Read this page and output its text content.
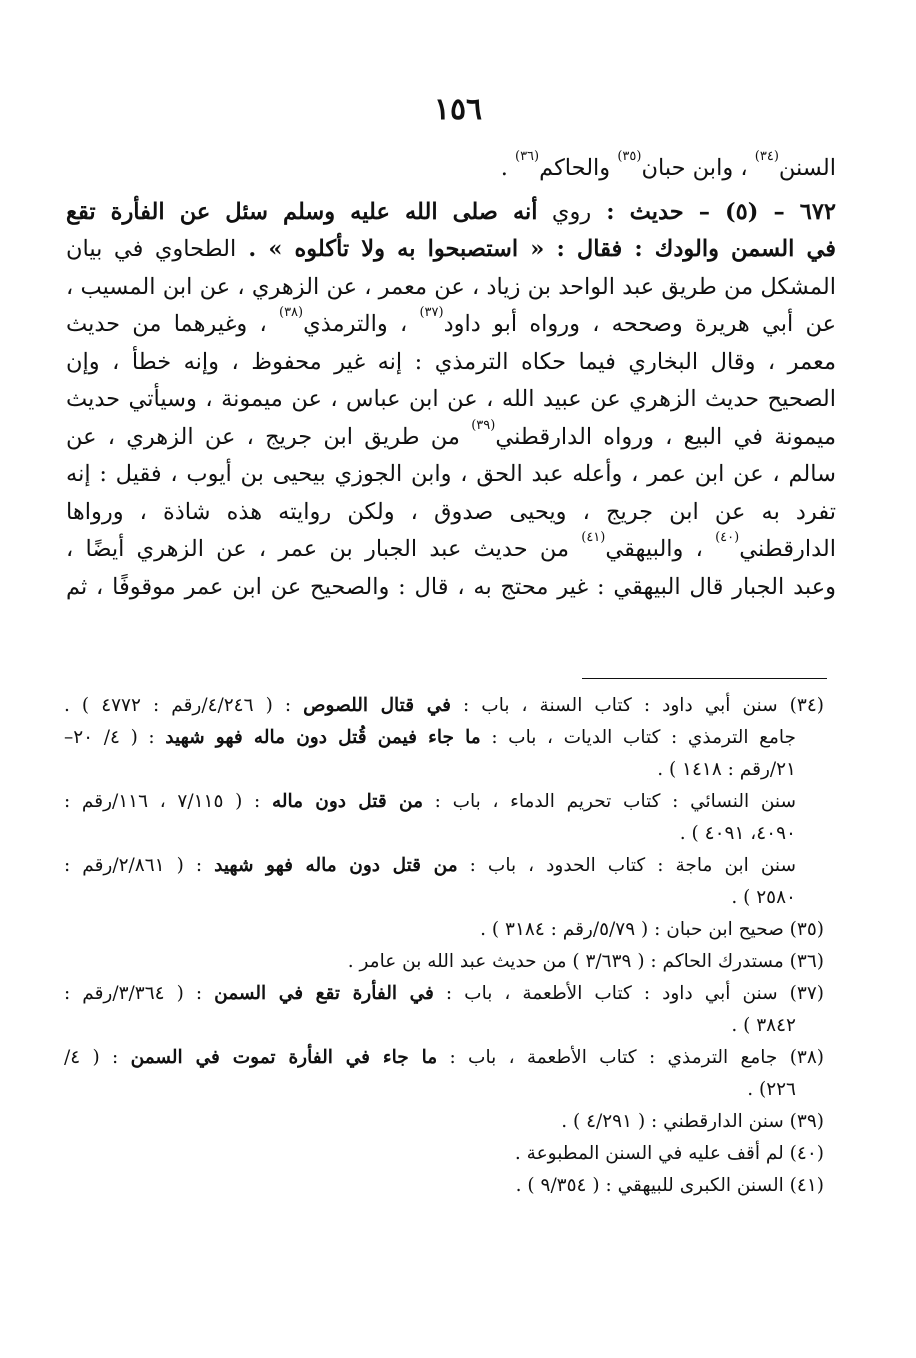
١٥٦
السنن$^{(٣٤)}$ ، وابن حبان$^{(٣٥)}$ والحاكم$^{(٣٦)}$ .
٦٧٢ – (٥) – حديث : روي أنه صلى الله عليه وسلم سئل عن الفأرة تقع
في السمن والودك : فقال : « استصبحوا به ولا تأكلوه » . الطحاوي في بيان
المشكل من طريق عبد الواحد بن زياد ، عن معمر ، عن الزهري ، عن ابن المسيب ،
عن أبي هريرة وصححه ، ورواه أبو داود$^{(٣٧)}$ ، والترمذي$^{(٣٨)}$ ، وغيرهما من حديث
معمر ، وقال البخاري فيما حكاه الترمذي : إنه غير محفوظ ، وإنه خطأ ، وإن
الصحيح حديث الزهري عن عبيد الله ، عن ابن عباس ، عن ميمونة ، وسيأتي حديث
ميمونة في البيع ، ورواه الدارقطني$^{(٣٩)}$ من طريق ابن جريج ، عن الزهري ، عن
سالم ، عن ابن عمر ، وأعله عبد الحق ، وابن الجوزي بيحيى بن أيوب ، فقيل : إنه
تفرد به عن ابن جريج ، ويحيى صدوق ، ولكن روايته هذه شاذة ، ورواها
الدارقطني$^{(٤٠)}$ ، والبيهقي$^{(٤١)}$ من حديث عبد الجبار بن عمر ، عن الزهري أيضًا ،
وعبد الجبار قال البيهقي : غير محتج به ، قال : والصحيح عن ابن عمر موقوفًا ، ثم
(٣٤) سنن أبي داود : كتاب السنة ، باب : في قتال اللصوص : ( ٤/٢٤٦/رقم : ٤٧٧٢ ) .
جامع الترمذي : كتاب الديات ، باب : ما جاء فيمن قُتل دون ماله فهو شهيد : ( ٤/ ٢٠–
٢١/رقم : ١٤١٨ ) .
سنن النسائي : كتاب تحريم الدماء ، باب : من قتل دون ماله : ( ٧/١١٥ ، ١١٦/رقم :
٤٠٩٠، ٤٠٩١ ) .
سنن ابن ماجة : كتاب الحدود ، باب : من قتل دون ماله فهو شهيد : ( ٢/٨٦١/رقم :
٢٥٨٠ ) .
(٣٥) صحيح ابن حبان : ( ٥/٧٩/رقم : ٣١٨٤ ) .
(٣٦) مستدرك الحاكم : ( ٣/٦٣٩ ) من حديث عبد الله بن عامر .
(٣٧) سنن أبي داود : كتاب الأطعمة ، باب : في الفأرة تقع في السمن : ( ٣/٣٦٤/رقم :
٣٨٤٢ ) .
(٣٨) جامع الترمذي : كتاب الأطعمة ، باب : ما جاء في الفأرة تموت في السمن : ( ٤/
٢٢٦) .
(٣٩) سنن الدارقطني : ( ٤/٢٩١ ) .
(٤٠) لم أقف عليه في السنن المطبوعة .
(٤١) السنن الكبرى للبيهقي : ( ٩/٣٥٤ ) .
